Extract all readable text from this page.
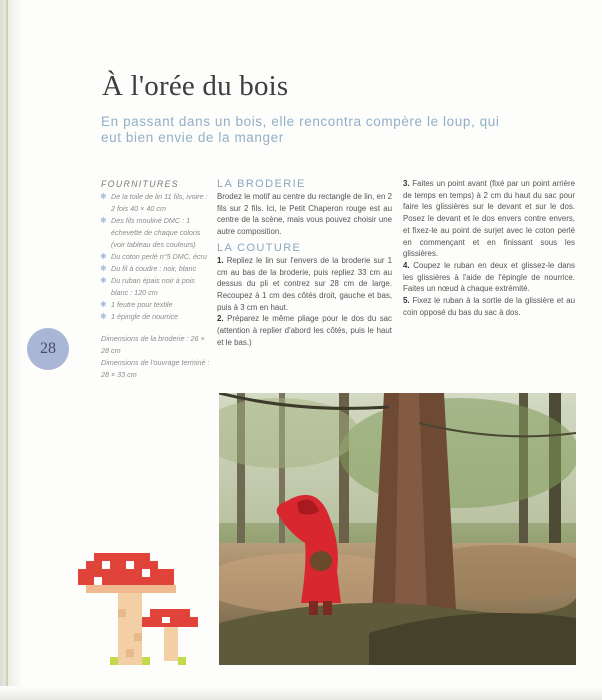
À l'orée du bois
En passant dans un bois, elle rencontra compère le loup, qui eut bien envie de la manger
FOURNITURES
❄ De la toile de lin 11 fils, ivoire : 2 fois 40 × 40 cm
❄ Des fils mouliné DMC : 1 échevette de chaque coloris (voir tableau des couleurs)
❄ Du coton perlé n°5 DMC, écru
❄ Du fil à coudre : noir, blanc
❄ Du ruban épais noir à pois blanc : 120 cm
❄ 1 feutre pour textile
❄ 1 épingle de nourrice
Dimensions de la broderie : 26 × 28 cm
Dimensions de l'ouvrage terminé : 28 × 33 cm
LA BRODERIE

Brodez le motif au centre du rectangle de lin, en 2 fils sur 2 fils. Ici, le Petit Chaperon rouge est au centre de la scène, mais vous pouvez choisir une autre composition.

LA COUTURE

1. Repliez le lin sur l'envers de la broderie sur 1 cm au bas de la broderie, puis repliez 33 cm au dessus du pli et contrez sur 28 cm de large. Recoupez à 1 cm des côtés droit, gauche et bas, puis à 3 cm en haut.

2. Préparez le même pliage pour le dos du sac (attention à replier d'abord les côtés, puis le haut et le bas.)

3. Faites un point avant (fixé par un point arrière de temps en temps) à 2 cm du haut du sac pour faire les glissières sur le devant et sur le dos. Posez le devant et le dos envers contre envers, et fixez-le au point de surjet avec le coton perlé en commençant et en finissant sous les glissières.

4. Coupez le ruban en deux et glissez-le dans les glissières à l'aide de l'épingle de nourrice. Faites un nœud à chaque extrémité.

5. Fixez le ruban à la sortie de la glissière et au coin opposé du bas du sac à dos.

28
